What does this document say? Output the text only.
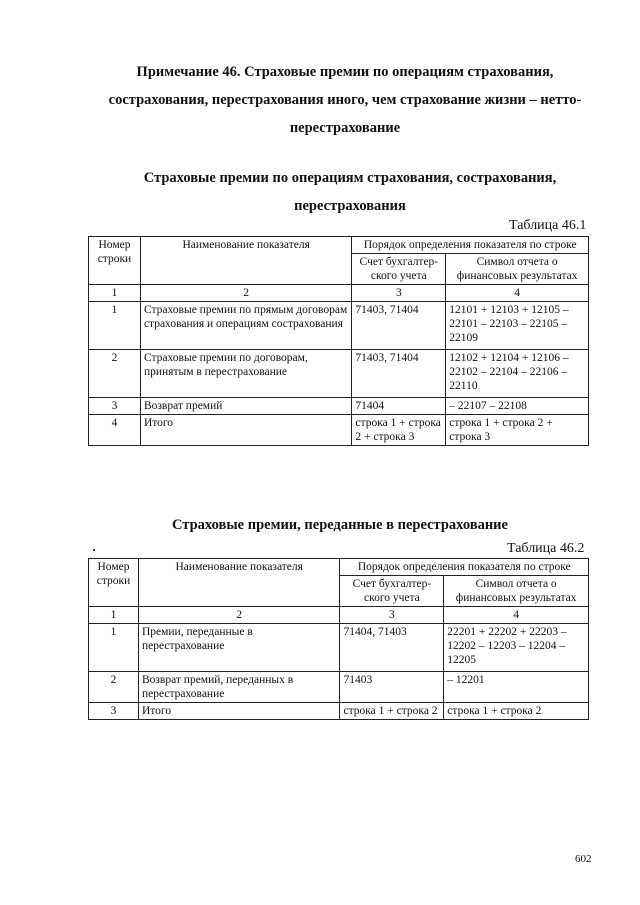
Примечание 46. Страховые премии по операциям страхования, сострахования, перестрахования иного, чем страхование жизни – нетто-перестрахование
Страховые премии по операциям страхования, сострахования, перестрахования
Таблица 46.1
Номер строки	Наименование показателя	Порядок определения показателя по строке	
		Счет бухгалтер-ского учета	Символ отчета о финансовых результатах
1	2	3	4
1	Страховые премии по прямым договорам страхования и операциям сострахования	71403, 71404	12101 + 12103 + 12105 – 22101 – 22103 – 22105 – 22109
2	Страховые премии по договорам, принятым в перестрахование	71403, 71404	12102 + 12104 + 12106 – 22102 – 22104 – 22106 – 22110
3	Возврат премий	71404	– 22107 – 22108
4	Итого	строка 1 + строка 2 + строка 3	строка 1 + строка 2 + строка 3
Страховые премии, переданные в перестрахование
Таблица 46.2
Номер строки	Наименование показателя	Порядок определения показателя по строке	
		Счет бухгалтер-ского учета	Символ отчета о финансовых результатах
1	2	3	4
1	Премии, переданные в перестрахование	71404, 71403	22201 + 22202 + 22203 – 12202 – 12203 – 12204 – 12205
2	Возврат премий, переданных в перестрахование	71403	– 12201
3	Итого	строка 1 + строка 2	строка 1 + строка 2
602
